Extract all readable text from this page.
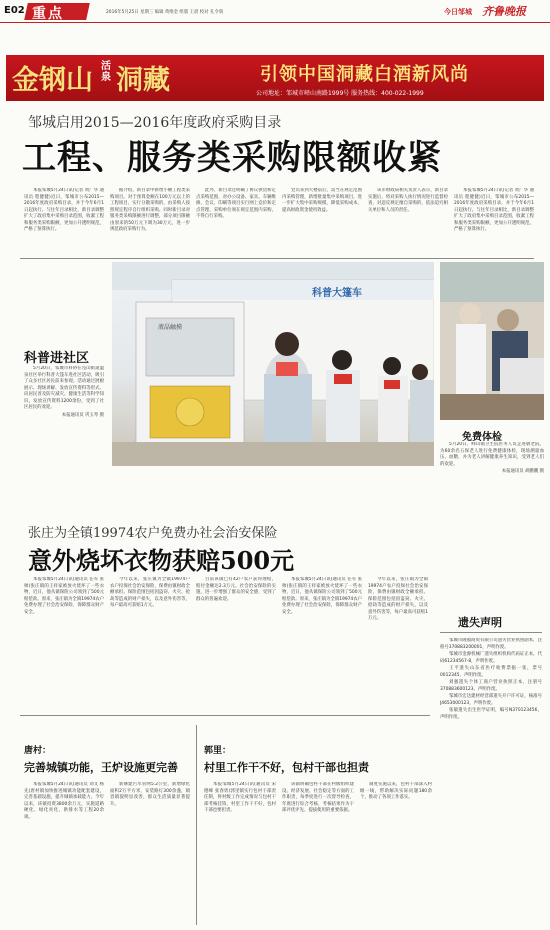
E02 重点	2016年5月25日 星期三 编辑 黄维金 组版 王晨 校对 孔令萌	今日邹城 齐鲁晚报
金钢山 活泉 洞藏	引领中国洞藏白酒新风尚
公司地址：邹城市峄山南路1999号 服务热线：400-022-1999
邹城启用2015—2016年度政府采购目录
工程、服务类采购限额收紧

本报邹城5月24日讯(记者 黄广华 通讯员 程健健)近日，邹城市公布2015—2016年度政府采购目录，并于今年6月1日起执行。与往年目录相比，新目录调整扩大了政府集中采购目录范围，收紧工程和服务类采购限额，更加公开透明规范，严格了预算执行。

据介绍，新目录中新增小额工程类采购项目。对于预算金额在100万元以上的工程项目，实行分散采购的，由采购人按照规定程序自行组织采购。同时新目录对服务类采购限额进行调整，部分项目限额由原来的50万元下调为30万元，进一步规范政府采购行为。

此外，新目录还明确了协议供货和定点采购范围，对办公设备、家具、车辆维修、会议、印刷等项目实行网上竞价和定点管理，采购单位须在规定范围内采购，不得自行采购。

党员来到大楼前后，需当在规定范围内采购管理，新增批量集中采购项目，进一步扩大集中采购规模，降低采购成本，提高财政资金使用效益。

该市财政局相关负责人表示，新目录实施后，将对采购人执行情况进行监督检查，对违反规定擅自采购的，依法追究相关单位和人员的责任。

本报邹城5月24日讯(记者 黄广华 通讯员 程健健)近日，邹城市公布2015—2016年度政府采购目录，并于今年6月1日起执行。与往年目录相比，新目录调整扩大了政府集中采购目录范围，收紧工程和服务类采购限额，更加公开透明规范，严格了预算执行。

科普进社区

5月20日，邹城市科协在凫山街道温泉社区举行科普大篷车进社区活动，吸引了众多社区居民前来参观。活动通过展板展示、现场讲解、发放宣传资料等形式，向居民普及防灾减灾、健康生活等科学知识，发放宣传资料1200余份，受到了社区居民的欢迎。

本报通讯员 巩玉琴 摄

科普大篷车
液晶触摸
免费体检

5月20日，峄山镇卫生院医务人员走进敬老院，为60余名五保老人进行免费健康体检，现场测量血压、血糖，并为老人讲解健康养生知识，受到老人们的欢迎。

本报通讯员 胡鹏鹏 摄

张庄为全镇19974农户免费办社会治安保险
意外烧坏衣物获赔500元

本报邹城5月24日讯(通讯员 任军 张帅)张庄镇的王祥家被放火烧坏了一些衣物，近日，他从镇保险公司领到了500元赔偿款。原来，张庄镇为全镇19974农户免费办理了社会治安保险，保障群众财产安全。

今年以来，张庄镇为全镇19974户农户投保社会治安保险，保费由镇财政全额承担。保险范围包括因盗窃、火灾、抢劫等造成的财产损失，以及意外伤害等，每户最高可获赔1万元。

目前该镇已有42户农户获得理赔，赔付金额达2.3万元。社会治安保险的实施，进一步增强了群众的安全感，受到了群众的普遍欢迎。

本报邹城5月24日讯(通讯员 任军 张帅)张庄镇的王祥家被放火烧坏了一些衣物，近日，他从镇保险公司领到了500元赔偿款。原来，张庄镇为全镇19974农户免费办理了社会治安保险，保障群众财产安全。

今年以来，张庄镇为全镇19974户农户投保社会治安保险，保费由镇财政全额承担。保险范围包括因盗窃、火灾、抢劫等造成的财产损失，以及意外伤害等，每户最高可获赔1万元。	遗失声明

邹城市隆福商贸有限公司遗失营业执照副本，注册号370883200001，声明作废。

邹城市金源机械厂遗失组织机构代码证正本，代码61234567-8，声明作废。

王平遗失山东省医疗收费票据一张，票号0012345，声明作废。

刘强遗失个体工商户营业执照正本，注册号370883600123，声明作废。

邹城市宏达建材经营部遗失开户许可证，核准号J4653000123，声明作废。

张敏遗失出生医学证明，编号N370123456，声明作废。

唐村：
完善城镇功能，王炉设施更完善

本报邹城5月24日讯(通讯员 刘文 杨先)唐村镇加快推进城镇功能配套建设，完善基础设施，提升城镇承载能力。今年以来，该镇投资3800余万元，实施道路硬化、绿化亮化、供排水等工程20余项。

新修建污水管网5.2公里，新增绿化面积2万平方米，安装路灯300余盏，镇容镇貌明显改善，群众生活质量显著提升。

郭里：
村里工作干不好，包村干部也担责

本报邹城5月24日讯(通讯员 宋德峰 张春勇)郭里镇实行包村干部责任制，将村级工作完成情况与包村干部考核挂钩，村里工作干不好，包村干部也要担责。

该镇明确包村干部在村级组织建设、经济发展、社会稳定等方面的工作职责，每季度进行一次督导检查，年底进行综合考核，考核结果作为干部评优评先、提拔使用的重要依据。

制度实施以来，包村干部深入村级一线，帮助解决实际问题180余个，推动了各项工作落实。
